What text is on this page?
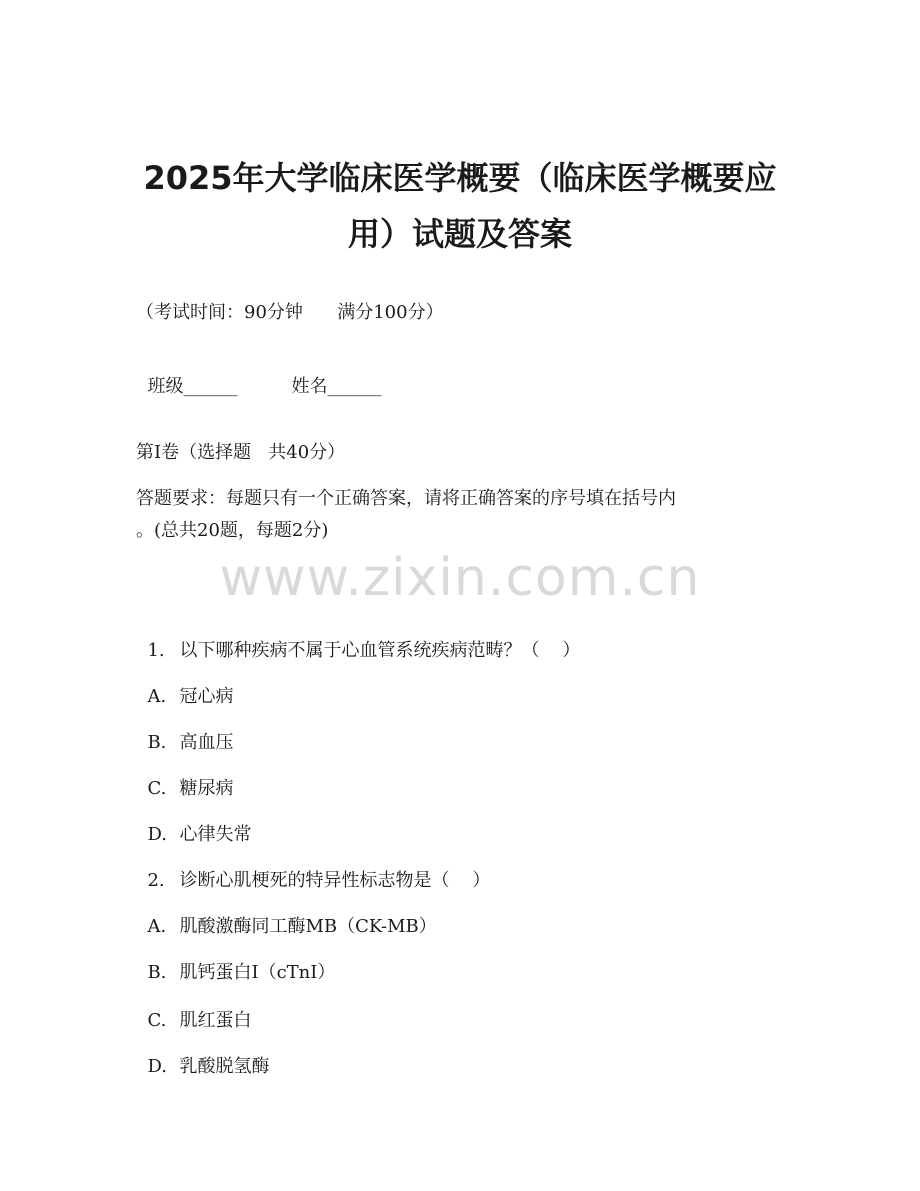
2025年大学临床医学概要（临床医学概要应
用）试题及答案
（考试时间：90分钟      满分100分）

班级______	姓名______

第Ⅰ卷（选择题   共40分）
答题要求：每题只有一个正确答案，请将正确答案的序号填在括号内
。(总共20题，每题2分)
www.zixin.com.cn

1. 以下哪种疾病不属于心血管系统疾病范畴？（    ）

A. 冠心病

B. 高血压

C. 糖尿病

D. 心律失常

2. 诊断心肌梗死的特异性标志物是（    ）

A. 肌酸激酶同工酶MB（CK-MB）

B. 肌钙蛋白I（cTnI）

C. 肌红蛋白

D. 乳酸脱氢酶
